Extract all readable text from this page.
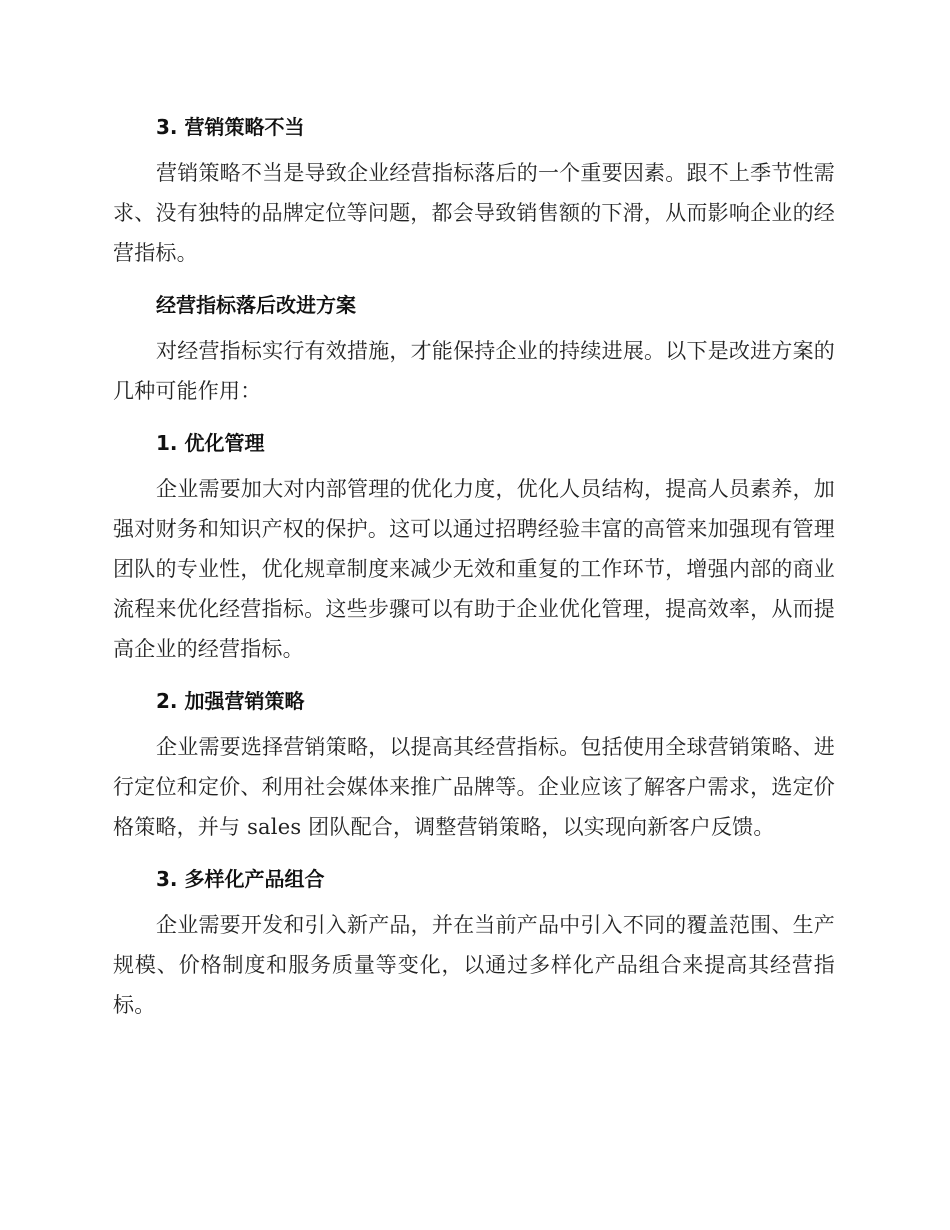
3. 营销策略不当

营销策略不当是导致企业经营指标落后的一个重要因素。跟不上季节性需求、没有独特的品牌定位等问题，都会导致销售额的下滑，从而影响企业的经营指标。

经营指标落后改进方案

对经营指标实行有效措施，才能保持企业的持续进展。以下是改进方案的几种可能作用：

1. 优化管理

企业需要加大对内部管理的优化力度，优化人员结构，提高人员素养，加强对财务和知识产权的保护。这可以通过招聘经验丰富的高管来加强现有管理团队的专业性，优化规章制度来减少无效和重复的工作环节，增强内部的商业流程来优化经营指标。这些步骤可以有助于企业优化管理，提高效率，从而提高企业的经营指标。

2. 加强营销策略

企业需要选择营销策略，以提高其经营指标。包括使用全球营销策略、进行定位和定价、利用社会媒体来推广品牌等。企业应该了解客户需求，选定价格策略，并与 sales 团队配合，调整营销策略，以实现向新客户反馈。

3. 多样化产品组合

企业需要开发和引入新产品，并在当前产品中引入不同的覆盖范围、生产规模、价格制度和服务质量等变化，以通过多样化产品组合来提高其经营指标。
